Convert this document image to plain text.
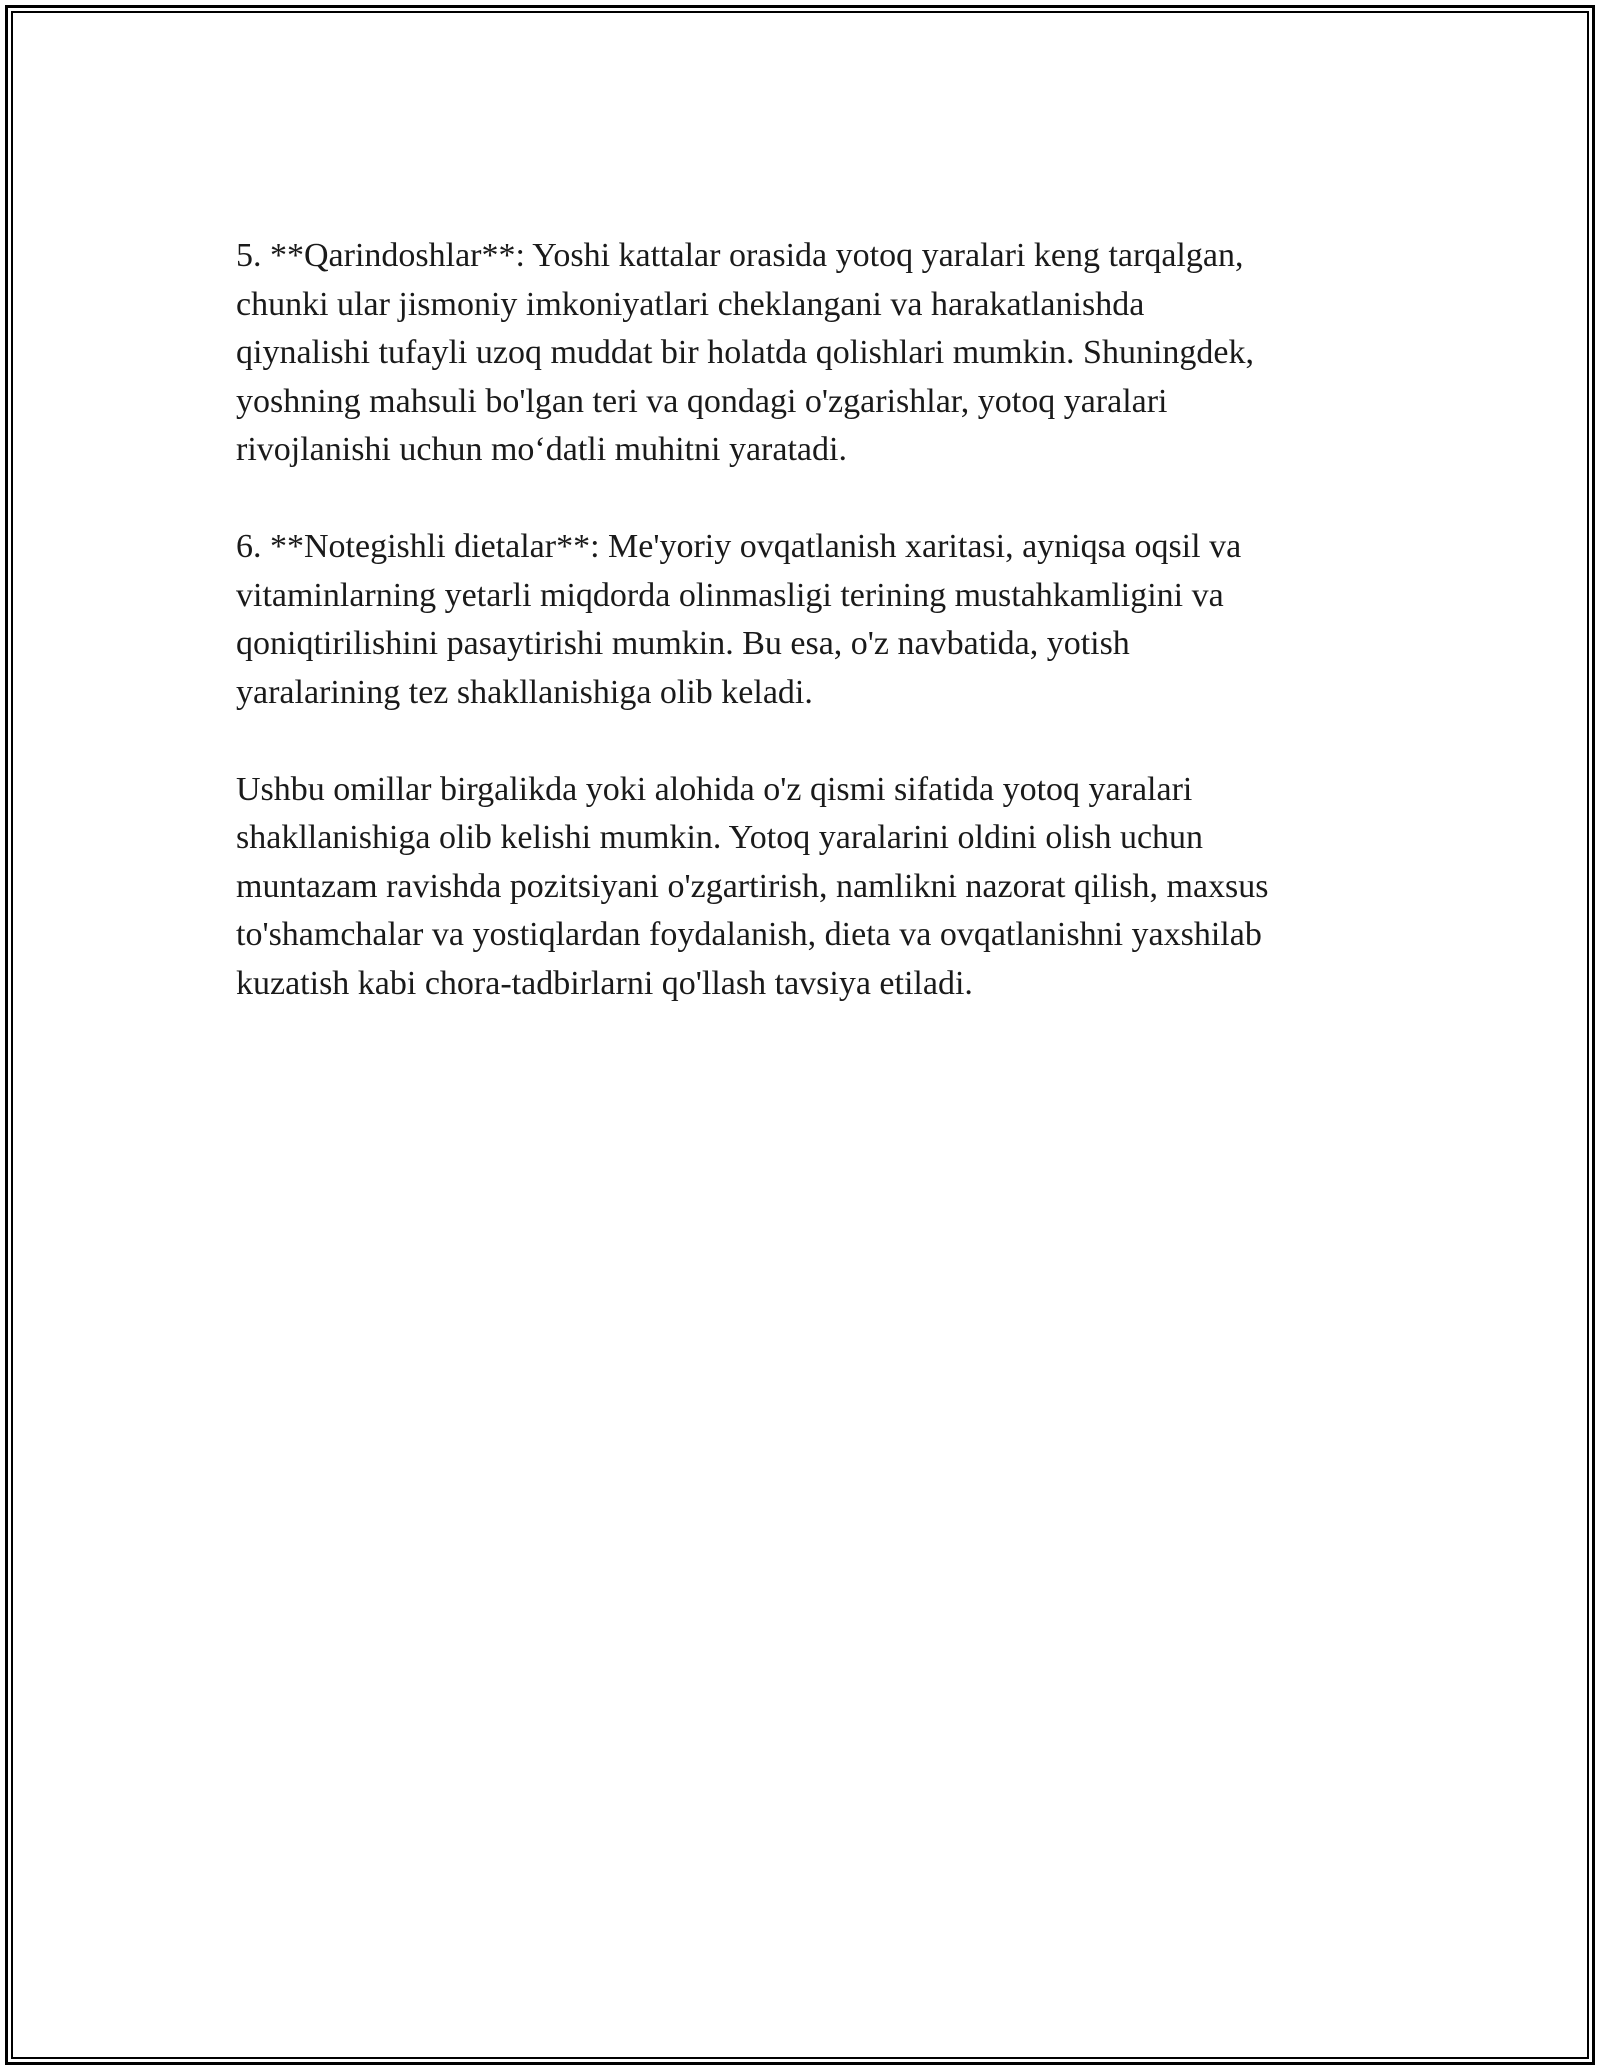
5. **Qarindoshlar**: Yoshi kattalar orasida yotoq yaralari keng tarqalgan,
chunki ular jismoniy imkoniyatlari cheklangani va harakatlanishda
qiynalishi tufayli uzoq muddat bir holatda qolishlari mumkin. Shuningdek,
yoshning mahsuli bo'lgan teri va qondagi o'zgarishlar, yotoq yaralari
rivojlanishi uchun mo‘datli muhitni yaratadi.

6. **Notegishli dietalar**: Me'yoriy ovqatlanish xaritasi, ayniqsa oqsil va
vitaminlarning yetarli miqdorda olinmasligi terining mustahkamligini va
qoniqtirilishini pasaytirishi mumkin. Bu esa, o'z navbatida, yotish
yaralarining tez shakllanishiga olib keladi.

Ushbu omillar birgalikda yoki alohida o'z qismi sifatida yotoq yaralari
shakllanishiga olib kelishi mumkin. Yotoq yaralarini oldini olish uchun
muntazam ravishda pozitsiyani o'zgartirish, namlikni nazorat qilish, maxsus
to'shamchalar va yostiqlardan foydalanish, dieta va ovqatlanishni yaxshilab
kuzatish kabi chora-tadbirlarni qo'llash tavsiya etiladi.
